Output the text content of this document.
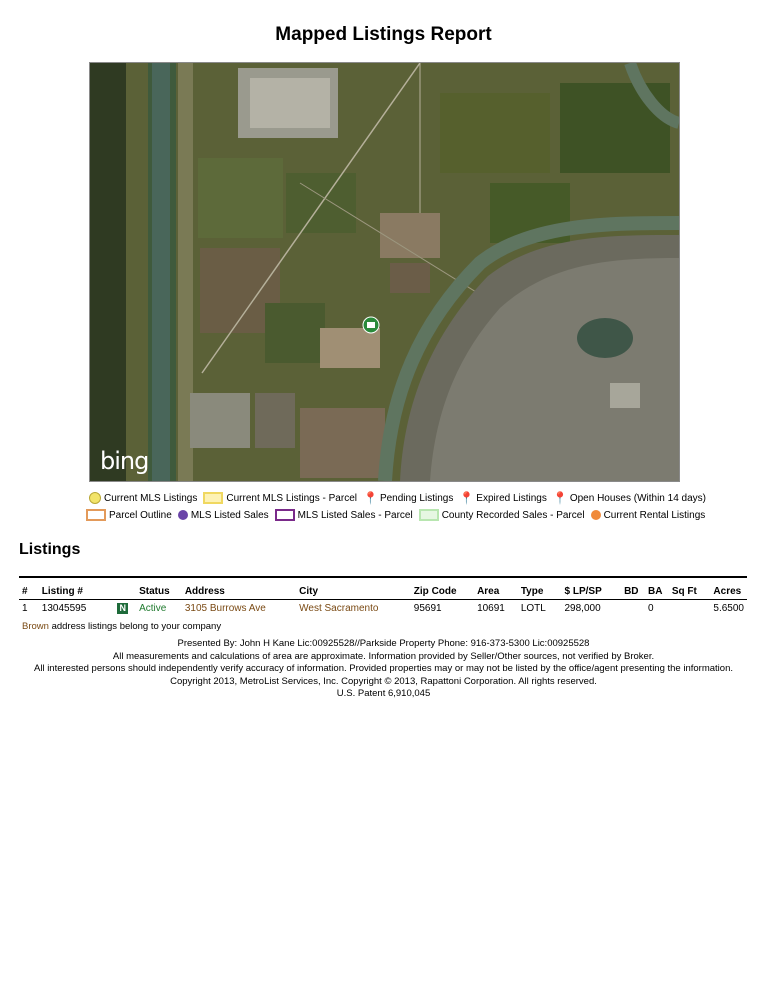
Mapped Listings Report
bing
Current MLS Listings	Current MLS Listings - Parcel 📍 Pending Listings 📍 Expired Listings 📍 Open Houses (Within 14 days)
Parcel Outline MLS Listed Sales	MLS Listed Sales - Parcel	County Recorded Sales - Parcel Current Rental Listings
Listings
#	Listing #		Status	Address	City	Zip Code	Area	Type	$ LP/SP	BD	BA	Sq Ft	Acres
1	13045595	N	Active	3105 Burrows Ave	West Sacramento	95691	10691	LOTL	298,000		0		5.6500
Brown address listings belong to your company
Presented By: John H Kane Lic:00925528//Parkside Property Phone: 916-373-5300 Lic:00925528
All measurements and calculations of area are approximate. Information provided by Seller/Other sources, not verified by Broker.
All interested persons should independently verify accuracy of information. Provided properties may or may not be listed by the office/agent presenting the information.
Copyright 2013, MetroList Services, Inc. Copyright © 2013, Rapattoni Corporation. All rights reserved.
U.S. Patent 6,910,045
